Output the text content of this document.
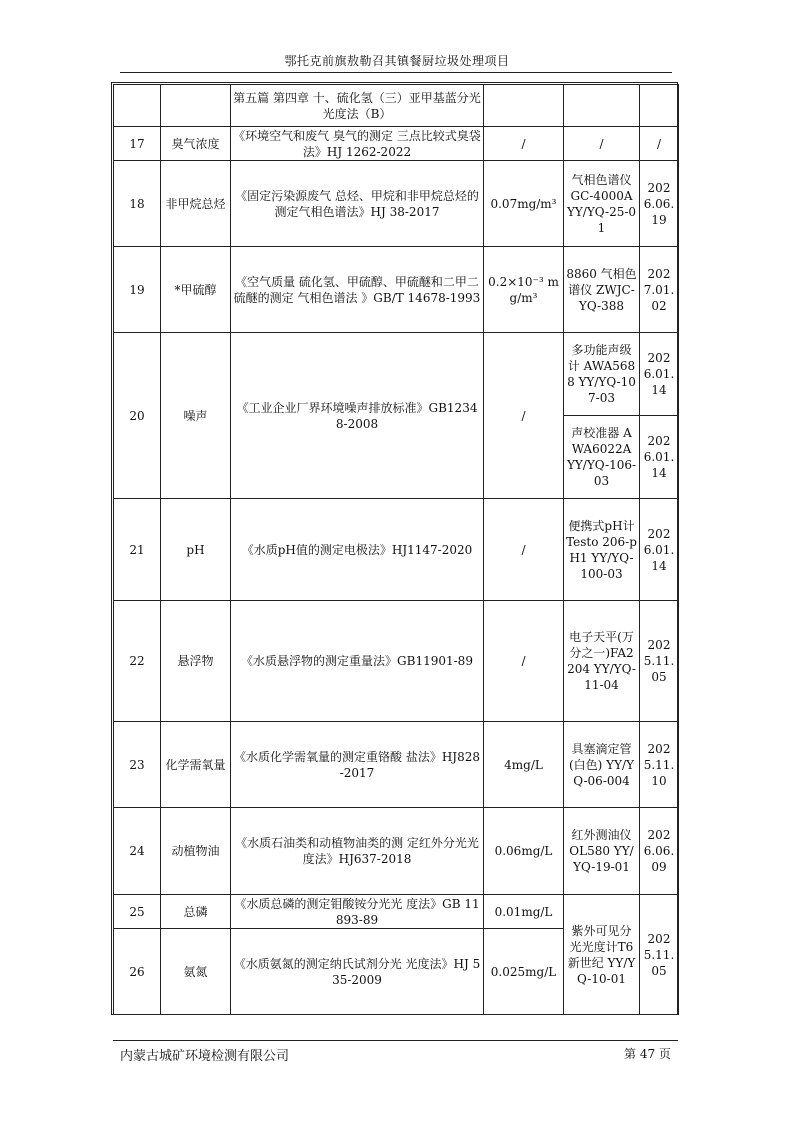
鄂托克前旗敖勒召其镇餐厨垃圾处理项目
		第五篇 第四章 十、硫化氢（三）亚甲基蓝分光光度法（B）			
17	臭气浓度	《环境空气和废气 臭气的测定 三点比较式臭袋法》HJ 1262-2022	/	/	/
18	非甲烷总烃	《固定污染源废气 总烃、甲烷和非甲烷总烃的测定气相色谱法》HJ 38-2017	0.07mg/m³	气相色谱仪 GC-4000A YY/YQ-25-01	2026.06.19
19	*甲硫醇	《空气质量 硫化氢、甲硫醇、甲硫醚和二甲二硫醚的测定 气相色谱法 》GB/T 14678-1993	0.2×10⁻³ mg/m³	8860 气相色谱仪 ZWJC-YQ-388	2027.01.02
20	噪声	《工业企业厂界环境噪声排放标准》GB12348-2008	/	多功能声级计 AWA5688 YY/YQ-107-03	2026.01.14
				声校准器 AWA6022A YY/YQ-106-03	2026.01.14
21	pH	《水质pH值的测定电极法》HJ1147-2020	/	便携式pH计 Testo 206-pH1 YY/YQ-100-03	2026.01.14
22	悬浮物	《水质悬浮物的测定重量法》GB11901-89	/	电子天平(万分之一)FA2204 YY/YQ-11-04	2025.11.05
23	化学需氧量	《水质化学需氧量的测定重铬酸 盐法》HJ828-2017	4mg/L	具塞滴定管 (白色) YY/YQ-06-004	2025.11.10
24	动植物油	《水质石油类和动植物油类的测 定红外分光光度法》HJ637-2018	0.06mg/L	红外测油仪 OL580 YY/YQ-19-01	2026.06.09
25	总磷	《水质总磷的测定钼酸铵分光光 度法》GB 11893-89	0.01mg/L	紫外可见分光光度计T6新世纪 YY/YQ-10-01	2025.11.05
26	氨氮	《水质氨氮的测定纳氏试剂分光 光度法》HJ 535-2009	0.025mg/L		
内蒙古城矿环境检测有限公司	第 47 页
